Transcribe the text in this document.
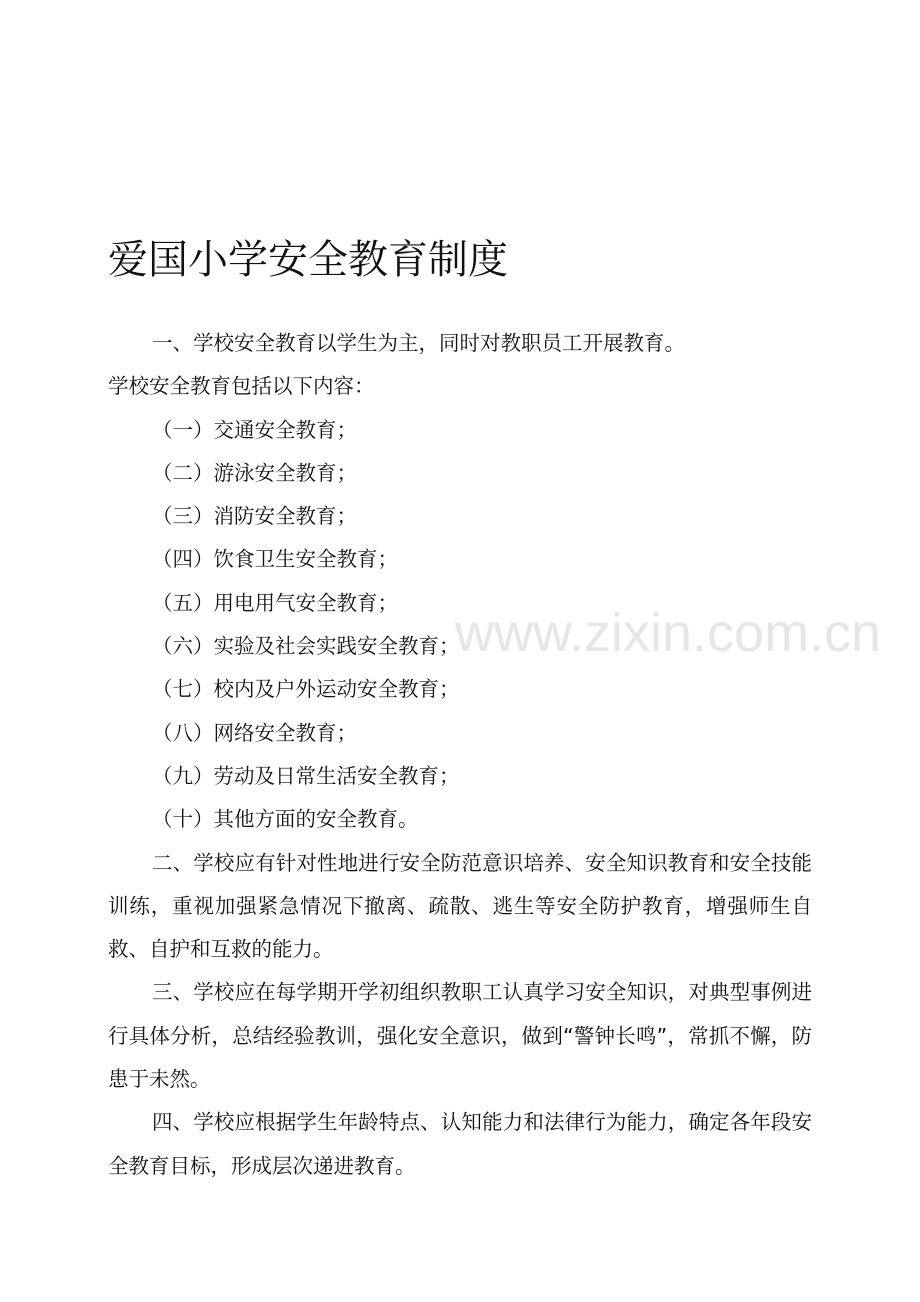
爱国小学安全教育制度

一、学校安全教育以学生为主，同时对教职员工开展教育。

学校安全教育包括以下内容：

（一）交通安全教育；

（二）游泳安全教育；

（三）消防安全教育；

（四）饮食卫生安全教育；

（五）用电用气安全教育；

（六）实验及社会实践安全教育；

（七）校内及户外运动安全教育；

（八）网络安全教育；

（九）劳动及日常生活安全教育；

（十）其他方面的安全教育。

二、学校应有针对性地进行安全防范意识培养、安全知识教育和安全技能训练，重视加强紧急情况下撤离、疏散、逃生等安全防护教育，增强师生自救、自护和互救的能力。

三、学校应在每学期开学初组织教职工认真学习安全知识，对典型事例进行具体分析，总结经验教训，强化安全意识，做到“警钟长鸣”，常抓不懈，防患于未然。

四、学校应根据学生年龄特点、认知能力和法律行为能力，确定各年段安全教育目标，形成层次递进教育。

www.zixin.com.cn
